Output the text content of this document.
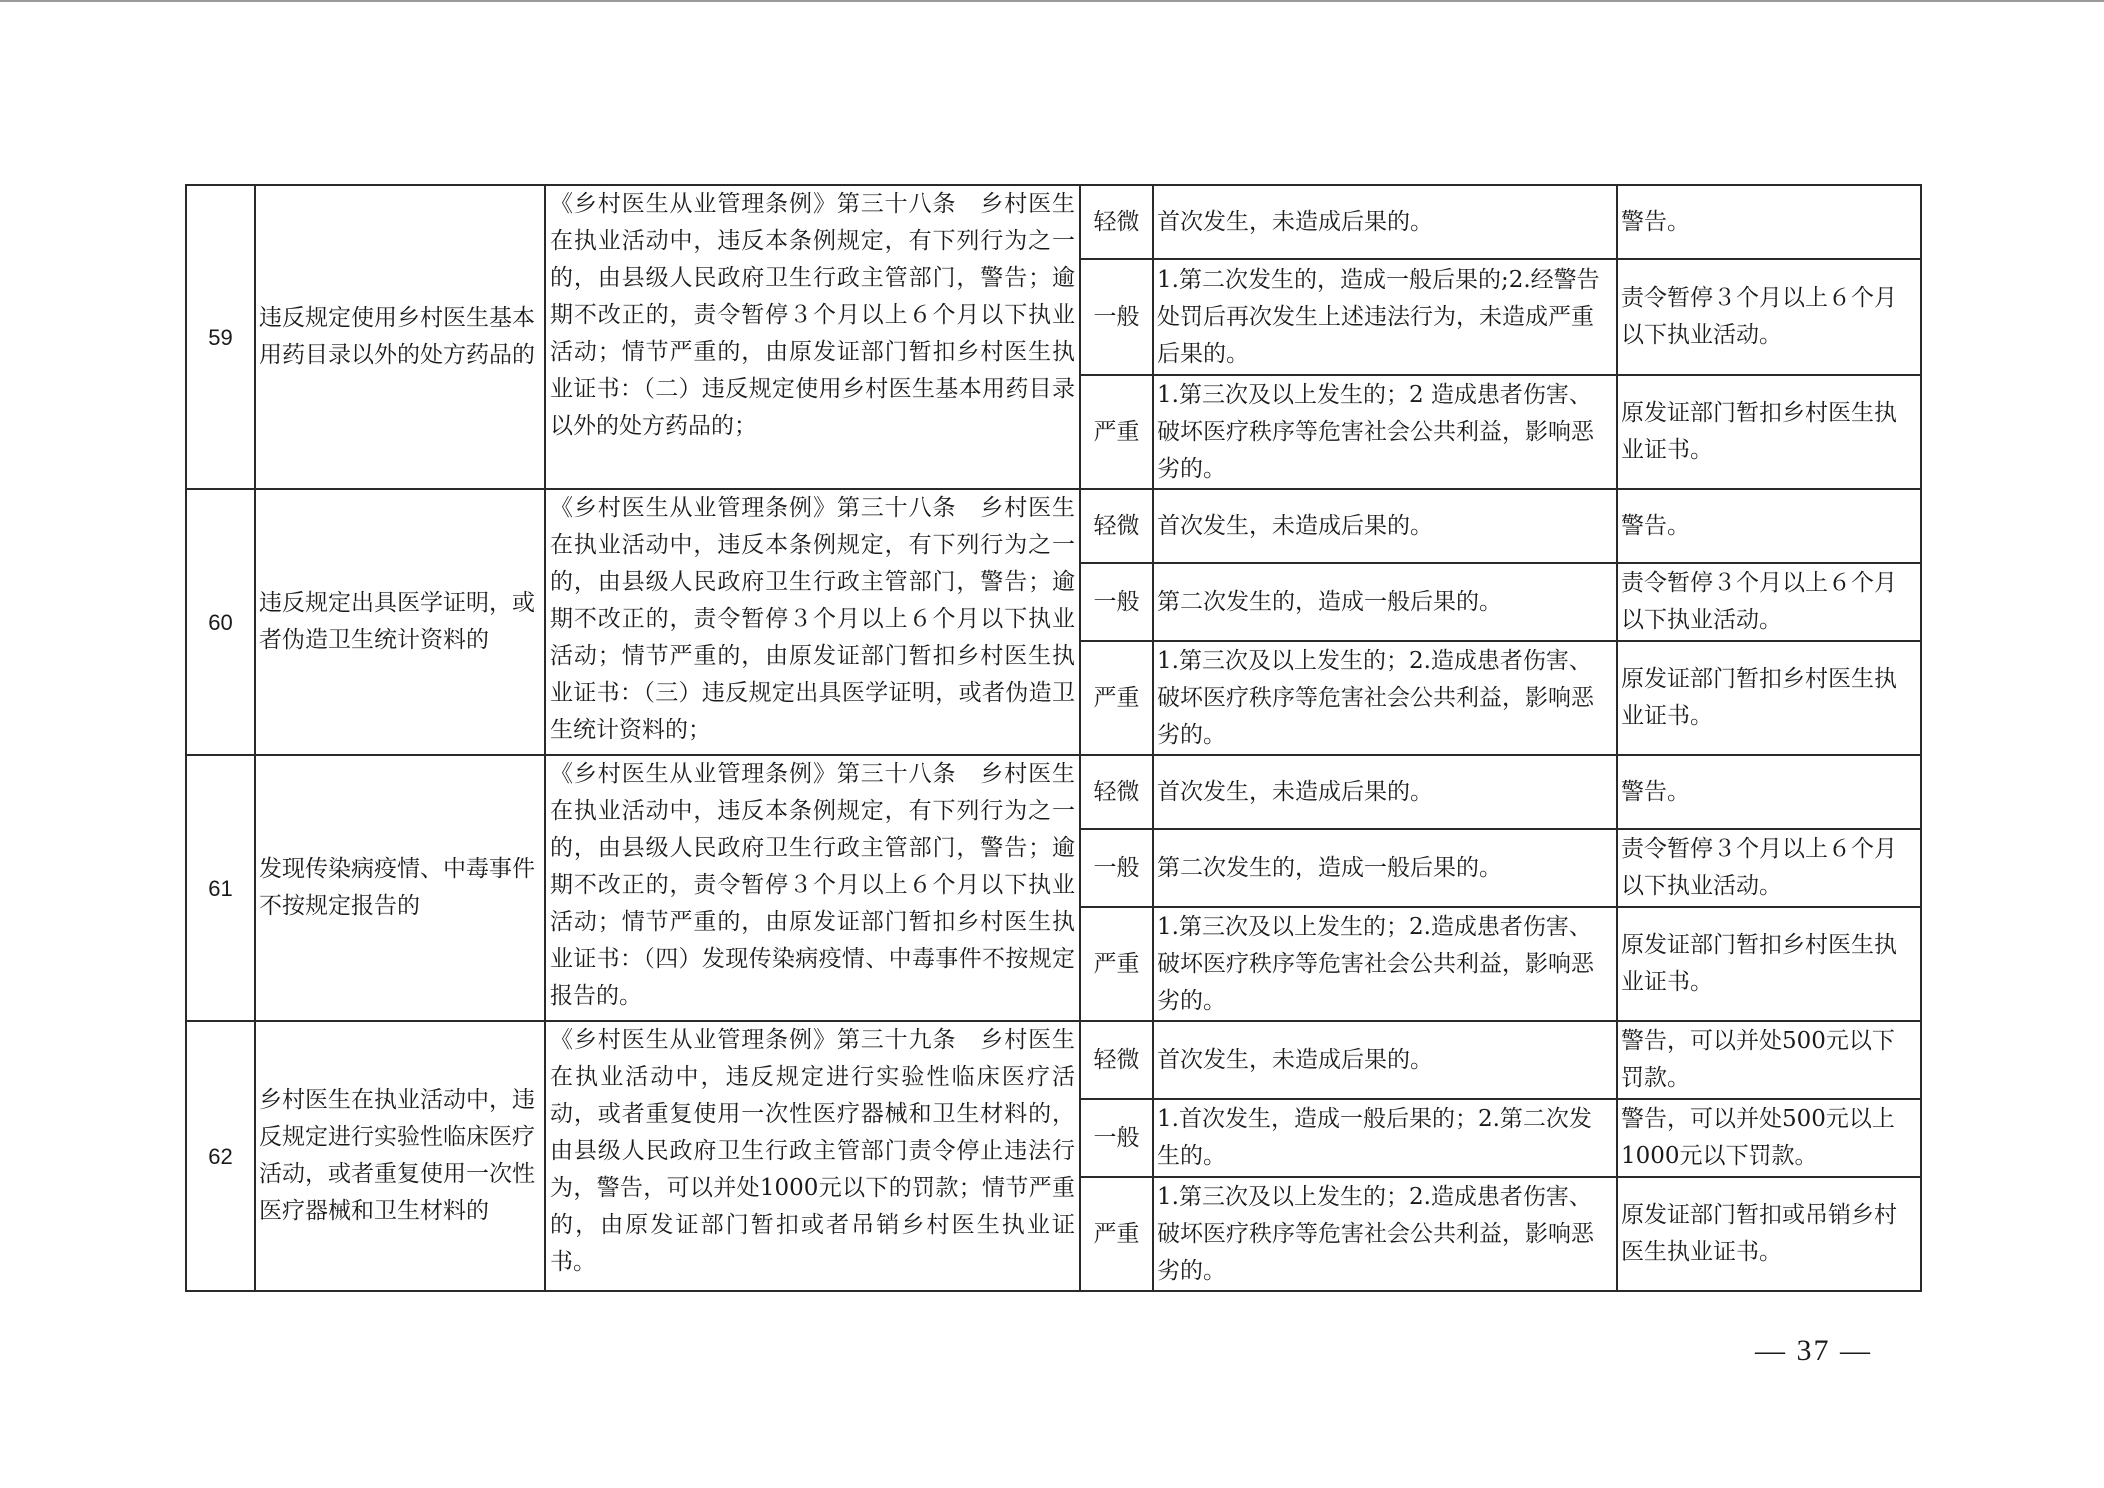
59	违反规定使用乡村医生基本用药目录以外的处方药品的	《乡村医生从业管理条例》第三十八条　乡村医生在执业活动中，违反本条例规定，有下列行为之一的，由县级人民政府卫生行政主管部门，警告；逾期不改正的，责令暂停３个月以上６个月以下执业活动；情节严重的，由原发证部门暂扣乡村医生执业证书：（二）违反规定使用乡村医生基本用药目录以外的处方药品的；	轻微	首次发生，未造成后果的。	警告。
			一般	1.第二次发生的，造成一般后果的;2.经警告处罚后再次发生上述违法行为，未造成严重后果的。	责令暂停３个月以上６个月以下执业活动。
			严重	1.第三次及以上发生的；2 造成患者伤害、破坏医疗秩序等危害社会公共利益，影响恶劣的。	原发证部门暂扣乡村医生执业证书。
60	违反规定出具医学证明，或者伪造卫生统计资料的	《乡村医生从业管理条例》第三十八条　乡村医生在执业活动中，违反本条例规定，有下列行为之一的，由县级人民政府卫生行政主管部门，警告；逾期不改正的，责令暂停３个月以上６个月以下执业活动；情节严重的，由原发证部门暂扣乡村医生执业证书：（三）违反规定出具医学证明，或者伪造卫生统计资料的；	轻微	首次发生，未造成后果的。	警告。
			一般	第二次发生的，造成一般后果的。	责令暂停３个月以上６个月以下执业活动。
			严重	1.第三次及以上发生的；2.造成患者伤害、破坏医疗秩序等危害社会公共利益，影响恶劣的。	原发证部门暂扣乡村医生执业证书。
61	发现传染病疫情、中毒事件不按规定报告的	《乡村医生从业管理条例》第三十八条　乡村医生在执业活动中，违反本条例规定，有下列行为之一的，由县级人民政府卫生行政主管部门，警告；逾期不改正的，责令暂停３个月以上６个月以下执业活动；情节严重的，由原发证部门暂扣乡村医生执业证书：（四）发现传染病疫情、中毒事件不按规定报告的。	轻微	首次发生，未造成后果的。	警告。
			一般	第二次发生的，造成一般后果的。	责令暂停３个月以上６个月以下执业活动。
			严重	1.第三次及以上发生的；2.造成患者伤害、破坏医疗秩序等危害社会公共利益，影响恶劣的。	原发证部门暂扣乡村医生执业证书。
62	乡村医生在执业活动中，违反规定进行实验性临床医疗活动，或者重复使用一次性医疗器械和卫生材料的	《乡村医生从业管理条例》第三十九条　乡村医生在执业活动中，违反规定进行实验性临床医疗活动，或者重复使用一次性医疗器械和卫生材料的，由县级人民政府卫生行政主管部门责令停止违法行为，警告，可以并处1000元以下的罚款；情节严重的，由原发证部门暂扣或者吊销乡村医生执业证书。	轻微	首次发生，未造成后果的。	警告，可以并处500元以下罚款。
			一般	1.首次发生，造成一般后果的；2.第二次发生的。	警告，可以并处500元以上1000元以下罚款。
			严重	1.第三次及以上发生的；2.造成患者伤害、破坏医疗秩序等危害社会公共利益，影响恶劣的。	原发证部门暂扣或吊销乡村医生执业证书。
— 37 —
